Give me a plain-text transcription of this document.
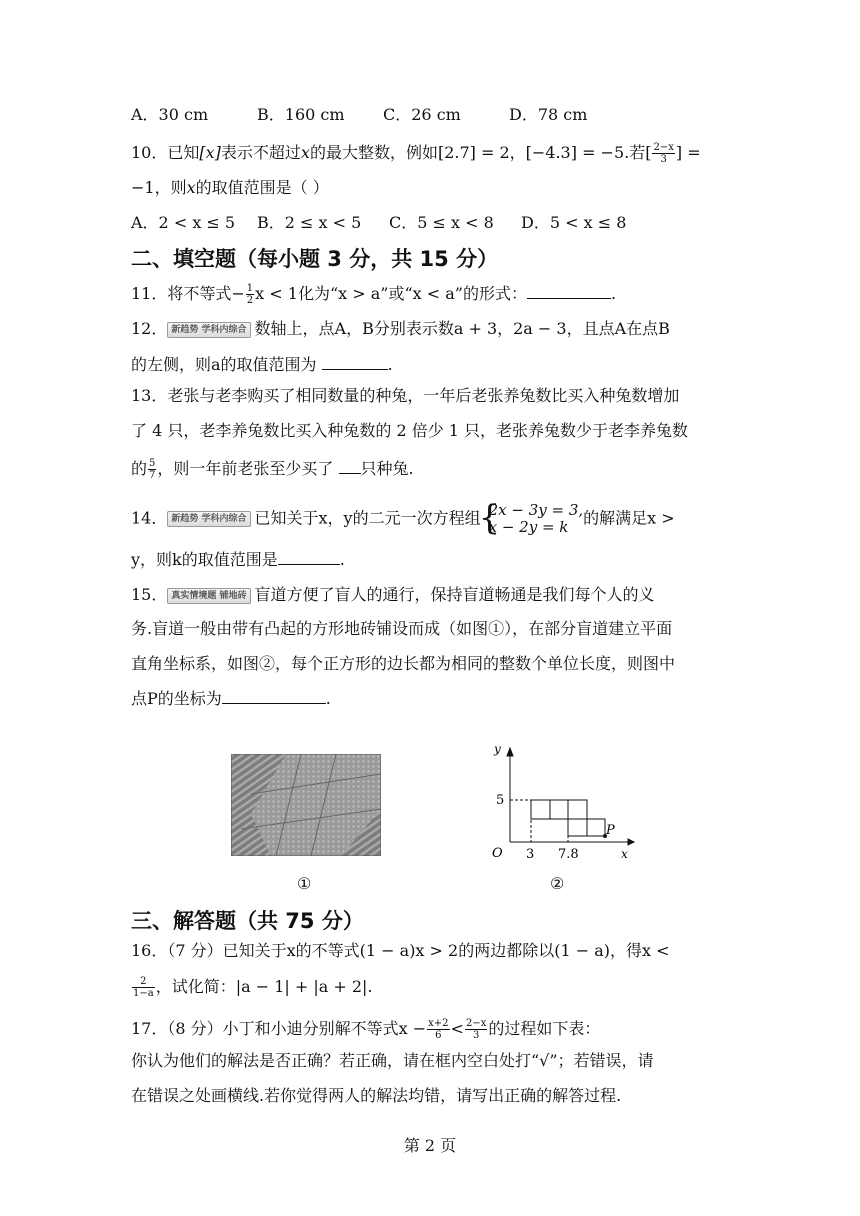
A．30 cm	B．160 cm C．26 cm	D．78 cm
10．已知[x]表示不超过x的最大整数，例如[2.7] = 2，[−4.3] = −5.若[ $\frac{2-x}{3}$ ] =
−1，则x的取值范围是（ ）
A．2 < x ≤ 5 B．2 ≤ x < 5 C．5 ≤ x < 8 D．5 < x ≤ 8
二、填空题（每小题 3 分，共 15 分）
11．将不等式− $\frac{1}{2}$ x < 1化为“x > a”或“x < a”的形式：	.
12． 新趋势 学科内综合 数轴上，点A，B分别表示数a + 3，2a − 3，且点A在点B
的左侧，则a的取值范围为	.
13．老张与老李购买了相同数量的种兔，一年后老张养兔数比买入种兔数增加
了 4 只，老李养兔数比买入种兔数的 2 倍少 1 只，老张养兔数少于老李养兔数
的 $\frac{5}{7}$ ，则一年前老张至少买了 只种兔.
14． 新趋势 学科内综合 已知关于x，y的二元一次方程组
{ 2x − 3y = 3,
x − 2y = k 的解满足x >
y，则k的取值范围是	.
15． 真实情境题 铺地砖 盲道方便了盲人的通行，保持盲道畅通是我们每个人的义
务.盲道一般由带有凸起的方形地砖铺设而成（如图①），在部分盲道建立平面
直角坐标系，如图②，每个正方形的边长都为相同的整数个单位长度，则图中
点P的坐标为	.
y
x
O
5
3 7.8
P
①	②
三、解答题（共 75 分）
16．（7 分）已知关于x的不等式(1 − a)x > 2的两边都除以(1 − a)，得x <
$\frac{2}{1-a}$ ，试化简：|a − 1| + |a + 2|.
17．（8 分）小丁和小迪分别解不等式$x - \frac{x+2}{6} < \frac{2-x}{3}$ 的过程如下表：
你认为他们的解法是否正确？若正确，请在框内空白处打“√”；若错误，请
在错误之处画横线.若你觉得两人的解法均错，请写出正确的解答过程.
第 2 页
